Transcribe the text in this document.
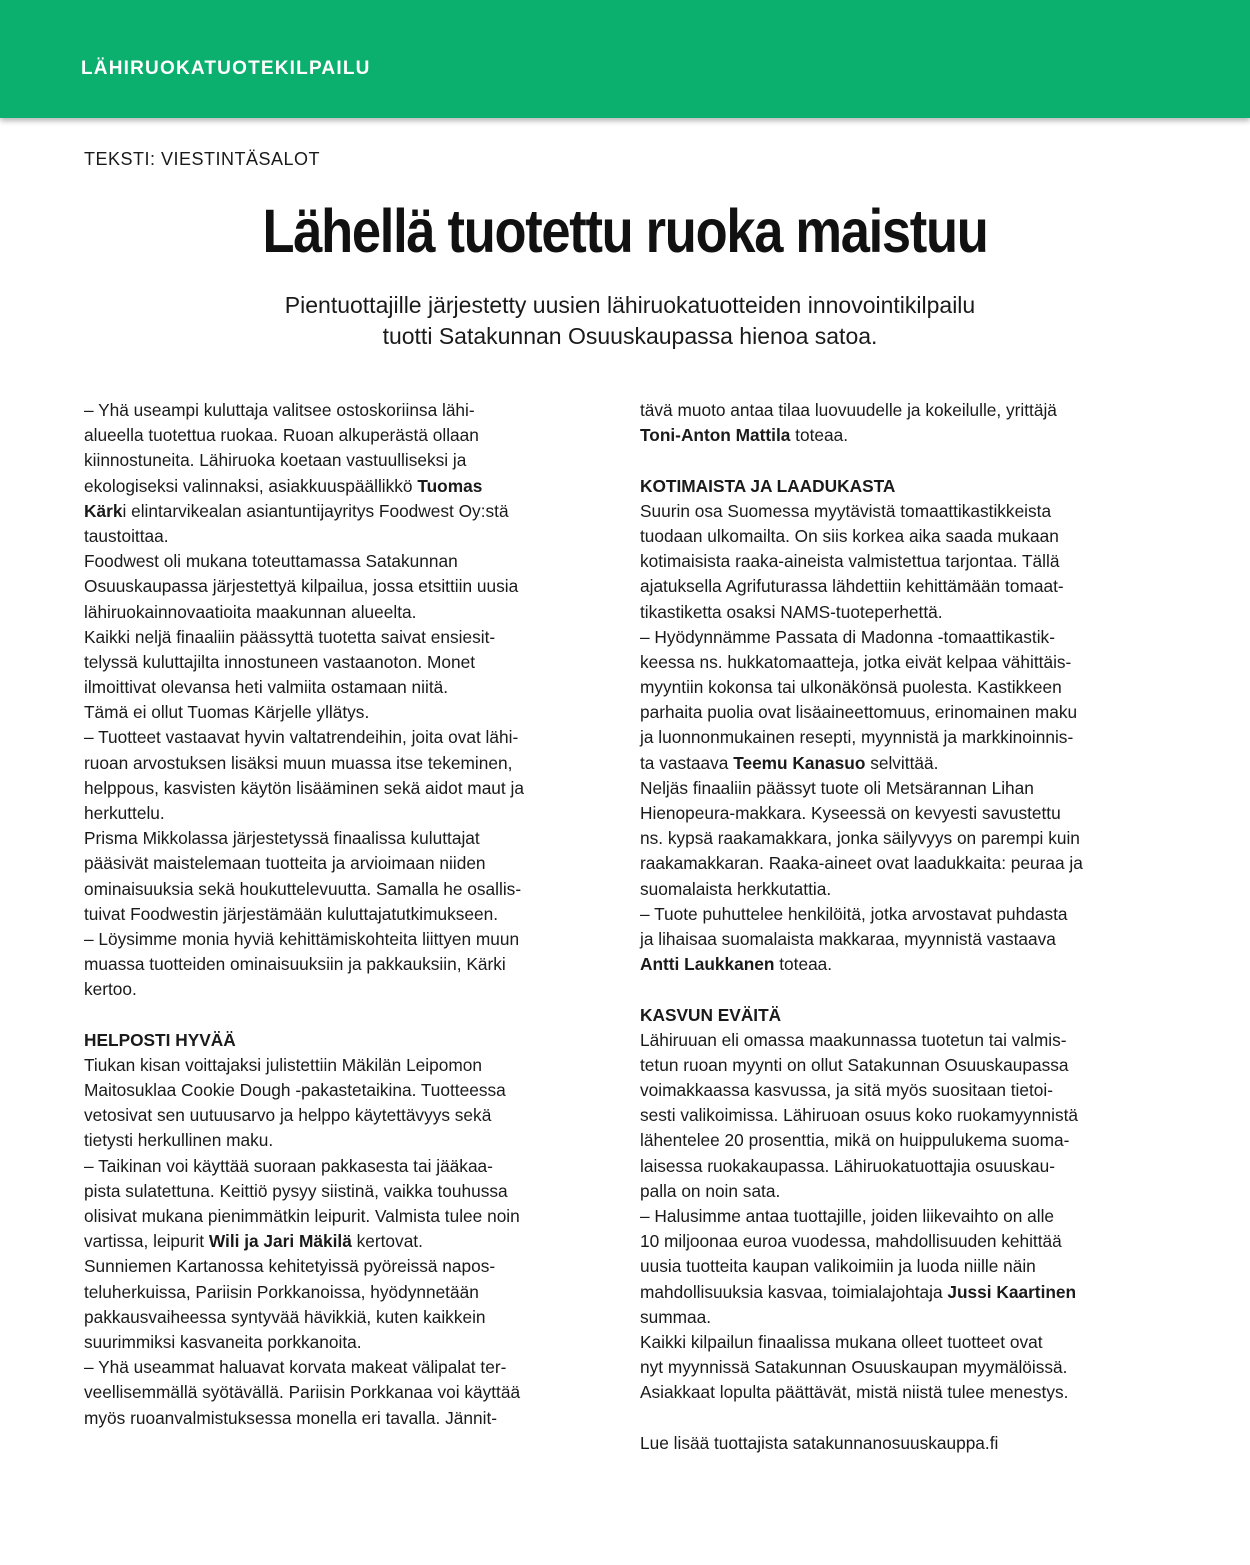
LÄHIRUOKATUOTEKILPAILU
TEKSTI: VIESTINTÄSALOT
Lähellä tuotettu ruoka maistuu
Pientuottajille järjestetty uusien lähiruokatuotteiden innovointikilpailu
tuotti Satakunnan Osuuskaupassa hienoa satoa.
– Yhä useampi kuluttaja valitsee ostoskoriinsa lähi-
alueella tuotettua ruokaa. Ruoan alkuperästä ollaan
kiinnostuneita. Lähiruoka koetaan vastuulliseksi ja
ekologiseksi valinnaksi, asiakkuuspäällikkö Tuomas
Kärki elintarvikealan asiantuntijayritys Foodwest Oy:stä
taustoittaa.
Foodwest oli mukana toteuttamassa Satakunnan
Osuuskaupassa järjestettyä kilpailua, jossa etsittiin uusia
lähiruokainnovaatioita maakunnan alueelta.
Kaikki neljä finaaliin päässyttä tuotetta saivat ensiesit-
telyssä kuluttajilta innostuneen vastaanoton. Monet
ilmoittivat olevansa heti valmiita ostamaan niitä.
Tämä ei ollut Tuomas Kärjelle yllätys.
– Tuotteet vastaavat hyvin valtatrendeihin, joita ovat lähi-
ruoan arvostuksen lisäksi muun muassa itse tekeminen,
helppous, kasvisten käytön lisääminen sekä aidot maut ja
herkuttelu.
Prisma Mikkolassa järjestetyssä finaalissa kuluttajat
pääsivät maistelemaan tuotteita ja arvioimaan niiden
ominaisuuksia sekä houkuttelevuutta. Samalla he osallis-
tuivat Foodwestin järjestämään kuluttajatutkimukseen.
– Löysimme monia hyviä kehittämiskohteita liittyen muun
muassa tuotteiden ominaisuuksiin ja pakkauksiin, Kärki
kertoo.
HELPOSTI HYVÄÄ
Tiukan kisan voittajaksi julistettiin Mäkilän Leipomon
Maitosuklaa Cookie Dough -pakastetaikina. Tuotteessa
vetosivat sen uutuusarvo ja helppo käytettävyys sekä
tietysti herkullinen maku.
– Taikinan voi käyttää suoraan pakkasesta tai jääkaa-
pista sulatettuna. Keittiö pysyy siistinä, vaikka touhussa
olisivat mukana pienimmätkin leipurit. Valmista tulee noin
vartissa, leipurit Wili ja Jari Mäkilä kertovat.
Sunniemen Kartanossa kehitetyissä pyöreissä napos-
teluherkuissa, Pariisin Porkkanoissa, hyödynnetään
pakkausvaiheessa syntyvää hävikkiä, kuten kaikkein
suurimmiksi kasvaneita porkkanoita.
– Yhä useammat haluavat korvata makeat välipalat ter-
veellisemmällä syötävällä. Pariisin Porkkanaa voi käyttää
myös ruoanvalmistuksessa monella eri tavalla. Jännit-
tävä muoto antaa tilaa luovuudelle ja kokeilulle, yrittäjä
Toni-Anton Mattila toteaa.
KOTIMAISTA JA LAADUKASTA
Suurin osa Suomessa myytävistä tomaattikastikkeista
tuodaan ulkomailta. On siis korkea aika saada mukaan
kotimaisista raaka-aineista valmistettua tarjontaa. Tällä
ajatuksella Agrifuturassa lähdettiin kehittämään tomaat-
tikastiketta osaksi NAMS-tuoteperhettä.
– Hyödynnämme Passata di Madonna -tomaattikastik-
keessa ns. hukkatomaatteja, jotka eivät kelpaa vähittäis-
myyntiin kokonsa tai ulkonäkönsä puolesta. Kastikkeen
parhaita puolia ovat lisäaineettomuus, erinomainen maku
ja luonnonmukainen resepti, myynnistä ja markkinoinnis-
ta vastaava Teemu Kanasuo selvittää.
Neljäs finaaliin päässyt tuote oli Metsärannan Lihan
Hienopeura-makkara. Kyseessä on kevyesti savustettu
ns. kypsä raakamakkara, jonka säilyvyys on parempi kuin
raakamakkaran. Raaka-aineet ovat laadukkaita: peuraa ja
suomalaista herkkutattia.
– Tuote puhuttelee henkilöitä, jotka arvostavat puhdasta
ja lihaisaa suomalaista makkaraa, myynnistä vastaava
Antti Laukkanen toteaa.
KASVUN EVÄITÄ
Lähiruuan eli omassa maakunnassa tuotetun tai valmis-
tetun ruoan myynti on ollut Satakunnan Osuuskaupassa
voimakkaassa kasvussa, ja sitä myös suositaan tietoi-
sesti valikoimissa. Lähiruoan osuus koko ruokamyynnistä
lähentelee 20 prosenttia, mikä on huippulukema suoma-
laisessa ruokakaupassa. Lähiruokatuottajia osuuskau-
palla on noin sata.
– Halusimme antaa tuottajille, joiden liikevaihto on alle
10 miljoonaa euroa vuodessa, mahdollisuuden kehittää
uusia tuotteita kaupan valikoimiin ja luoda niille näin
mahdollisuuksia kasvaa, toimialajohtaja Jussi Kaartinen
summaa.
Kaikki kilpailun finaalissa mukana olleet tuotteet ovat
nyt myynnissä Satakunnan Osuuskaupan myymälöissä.
Asiakkaat lopulta päättävät, mistä niistä tulee menestys.
Lue lisää tuottajista satakunnanosuuskauppa.fi
